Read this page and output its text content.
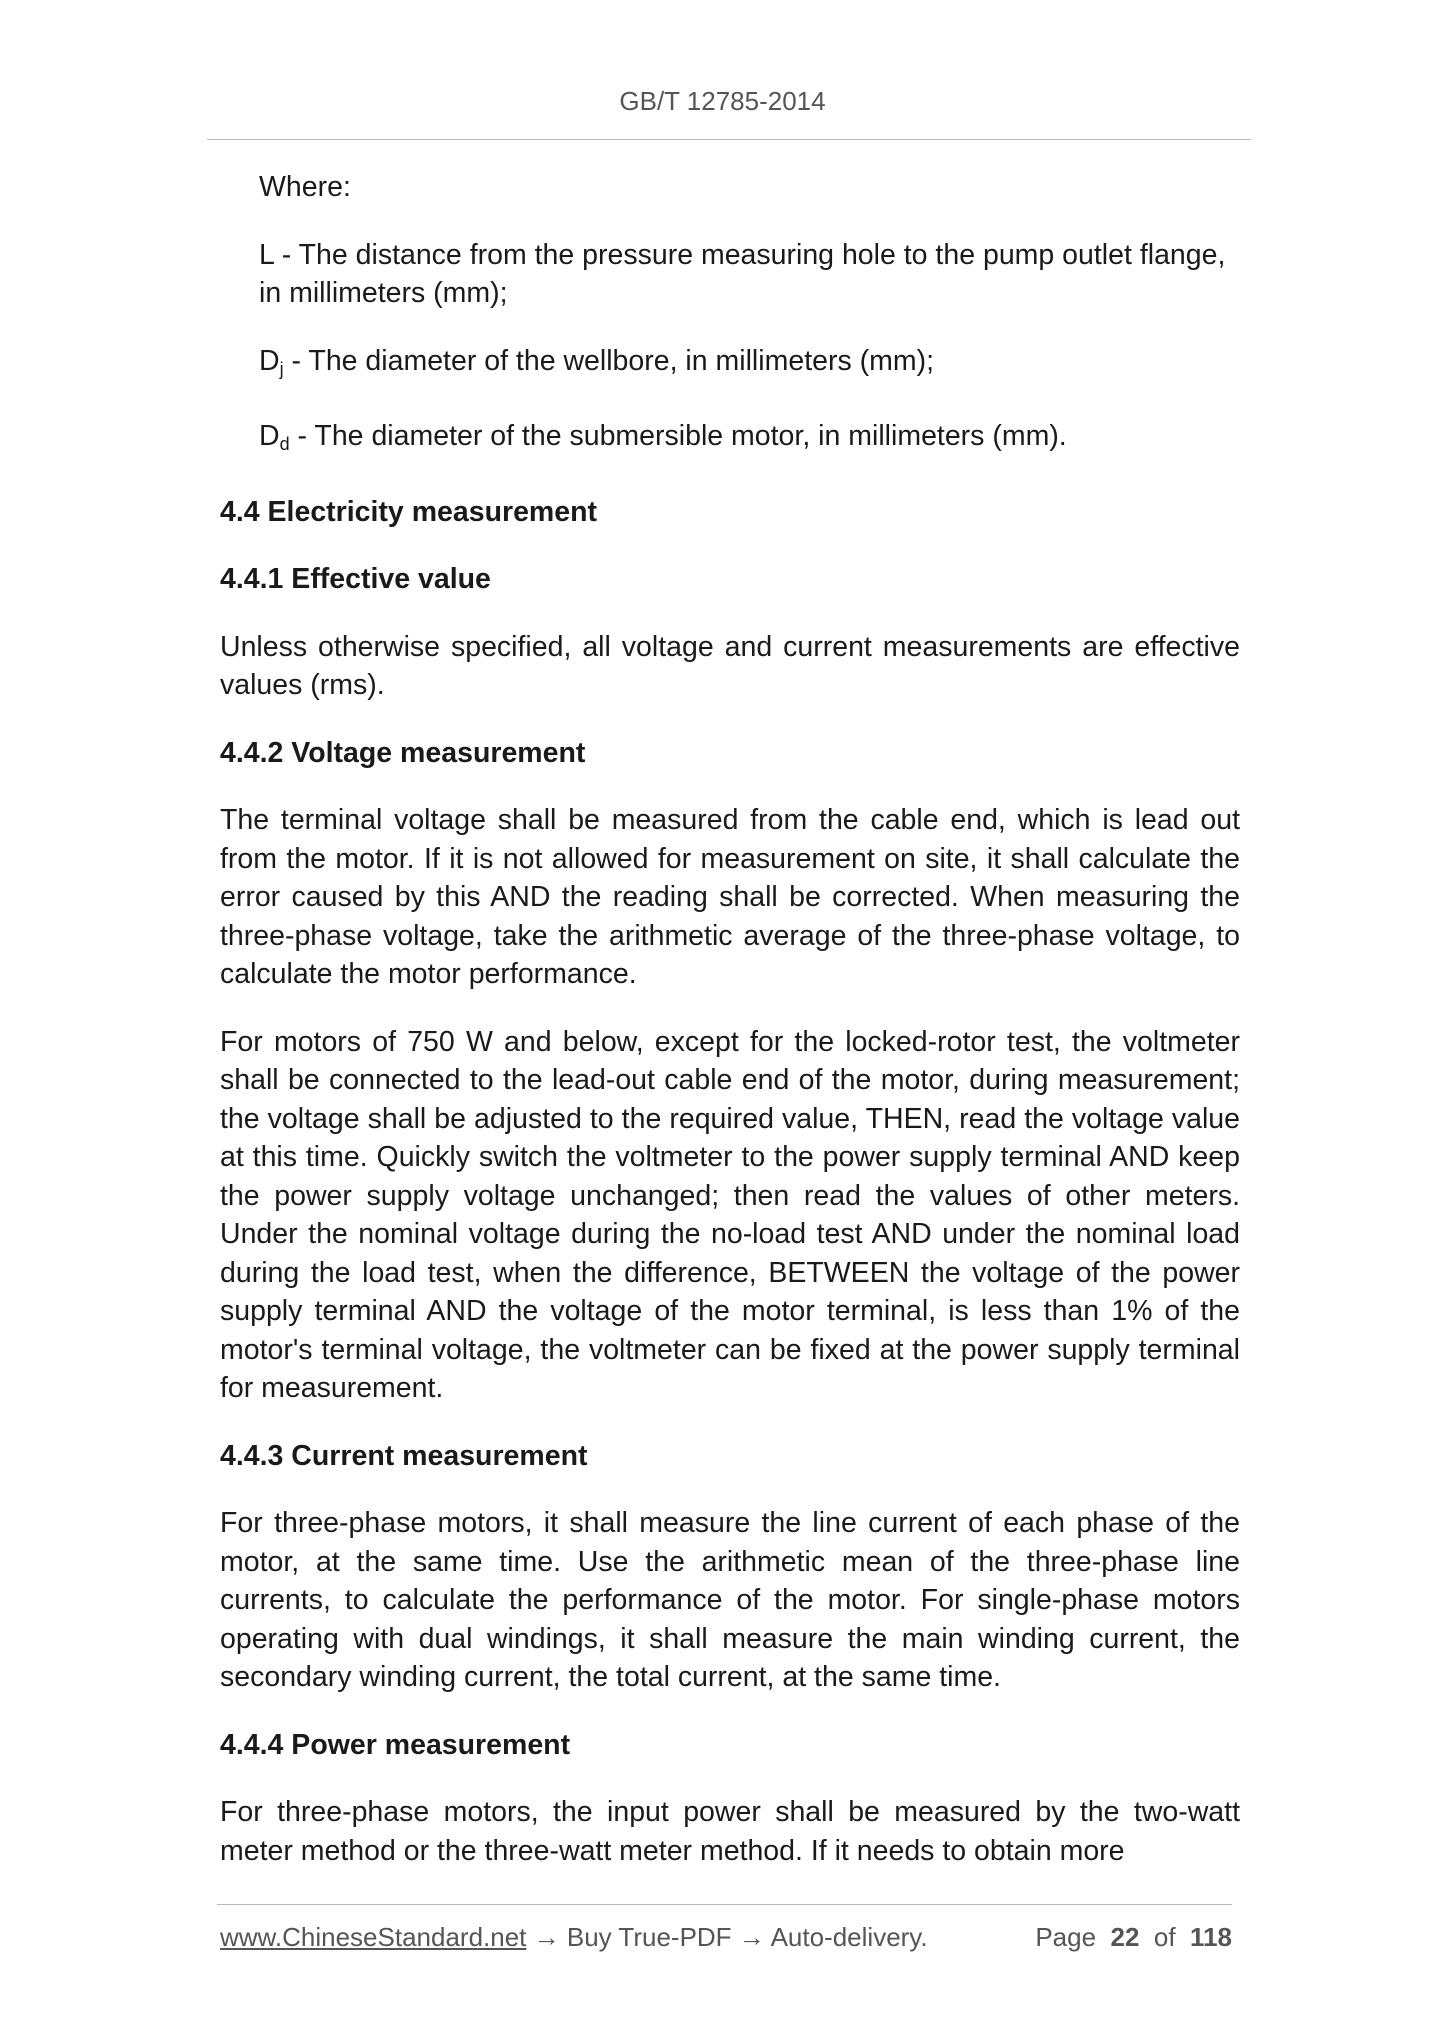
GB/T 12785-2014

Where:

L - The distance from the pressure measuring hole to the pump outlet flange, in millimeters (mm);

$D_j$ - The diameter of the wellbore, in millimeters (mm);

$D_d$ - The diameter of the submersible motor, in millimeters (mm).

4.4 Electricity measurement
4.4.1 Effective value

Unless otherwise specified, all voltage and current measurements are effective values (rms).

4.4.2 Voltage measurement

The terminal voltage shall be measured from the cable end, which is lead out from the motor. If it is not allowed for measurement on site, it shall calculate the error caused by this AND the reading shall be corrected. When measuring the three-phase voltage, take the arithmetic average of the three-phase voltage, to calculate the motor performance.

For motors of 750 W and below, except for the locked-rotor test, the voltmeter shall be connected to the lead-out cable end of the motor, during measurement; the voltage shall be adjusted to the required value, THEN, read the voltage value at this time. Quickly switch the voltmeter to the power supply terminal AND keep the power supply voltage unchanged; then read the values of other meters. Under the nominal voltage during the no-load test AND under the nominal load during the load test, when the difference, BETWEEN the voltage of the power supply terminal AND the voltage of the motor terminal, is less than 1% of the motor's terminal voltage, the voltmeter can be fixed at the power supply terminal for measurement.

4.4.3 Current measurement

For three-phase motors, it shall measure the line current of each phase of the motor, at the same time. Use the arithmetic mean of the three-phase line currents, to calculate the performance of the motor. For single-phase motors operating with dual windings, it shall measure the main winding current, the secondary winding current, the total current, at the same time.

4.4.4 Power measurement

For three-phase motors, the input power shall be measured by the two-watt meter method or the three-watt meter method. If it needs to obtain more

www.ChineseStandard.net → Buy True-PDF → Auto-delivery.	Page 22 of 118
